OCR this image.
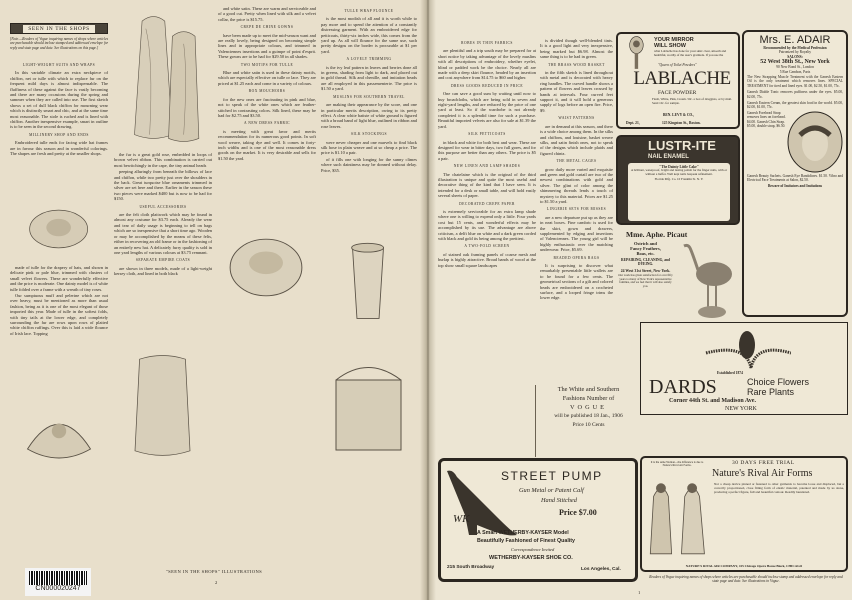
SEEN IN THE SHOPS
[Note.—Readers of Vogue inquiring names of shops where articles are purchasable should inclose stamped and addressed envelope for reply and state page and date. See illustrations on this page.]
LIGHT-WEIGHT SUITS AND WRAPS

In this variable climate an extra neckpiece of chiffon, net or tulle with which to replace fur on the frequent mild days is almost indispensable. The fluffiness of these against the face is vastly becoming and there are many occasions during the spring and summer when they are called into use. The first sketch shows a set of dull black chiffon for mourning wear which is distinctly smart and chic, and at the same time most reasonable. The stole is ruched and is lined with chiffon. Another inexpensive example, smart in outline is to be seen in the second drawing.

MILLINERY SHOP AND ENDS

Embroidered tulle ends for facing wide hat frames are in favour this season and in wonderful colorings. The shapes are fresh and pretty at the smaller shops.

made of tulle for the drapery of hats, and shown in delicate pink or pale blue, trimmed with clusters of small velvet flowers. These are wonderfully effective and the price is moderate. One dainty model is of white tulle folded over a frame with a wreath of tiny roses.

Our sumptuous muff and pelerine which are not over heavy, must be mentioned as more than usual fashion, being as it is one of the most elegant of those imported this year. Made of tulle in the softest folds, with tiny tails at the lower edge, and completely surrounding the fur are rows upon rows of plaited white chiffon ruffings. Over this is laid a wide flounce of Irish lace. Topping

the fur is a great gold rose, embedded in loops of brown velvet ribbon. This combination is carried out most bewitchingly in the cape, the tiny animal heads

peeping alluringly from beneath the billows of lace and chiffon, while two pretty just over the shoulders in the back. Great turquoise blue ornaments trimmed in silver are set here and there. Earlier in the season these two pieces were marked $400 but is now to be had for $150.

USEFUL ACCESSORIES

are the felt cloth plaitwork which may be found in almost any costume for $3.75 each. Already the wear and tear of daily usage is beginning to tell on bags which are so inexpensive that a short time ago. Wooden or may be accomplished by the means of these felts, either in recovering an old frame or in the fashioning of an entirely new hat. A delicately furry quality is sold in one yard lengths of various colours at $3.75 remnant.

SEPARATE EMPIRE COATS

are shown in three models, made of a light-weight kersey cloth, and lined in both black

and white satin. These are warm and serviceable and of a good cut. Pretty when lined with silk and a velvet collar, the price is $15.75.

CREPE DE CHINE GOWNS

have been made up to meet the mid-season want and are really lovely, being designed on becoming simple lines and in appropriate colours, and trimmed in Valenciennes insertions and a guimpe of point d'esprit. These gowns are to be had for $29.50 in all shades.

TWO MOTIFS FOR TULLE

Blue and white satin is used in these dainty motifs, which are especially effective on tulle or lace. They are priced at $1.25 each and come in a variety of colours.

BOX MOUCHOIRS

for the new ones are fascinating in pink and blue, not to speak of the white ones which are feather-stitched in contrasting colors. Silk lined, these may be had for $2.75 and $3.50.

A NEW DRESS FABRIC

is meeting with great favor and merits recommendation for its numerous good points. In soft wool weave, taking dye and well. It comes in forty-inch widths and is one of the most reasonable dress goods on the market. It is very desirable and sells for $1.50 the yard.

TULLE WRAP FLOUNCE

is the most modish of all and it is worth while to pay more and to spend the attention of a constantly distressing garment. With an embroidered edge for petticoats, thirty-six inches wide, this comes from the yard up. As all will flounce for the same use, such pretty designs on the border is procurable at $1 per yard.

A LOVELY TRIMMING

is the ivy leaf pattern in leaves and berries done all in greens, shading from light to dark, and placed out in gold thread. Silk and chenille, and imitation beads are all employed in this passementerie. The price is $1.50 a yard.

MUSLINS FOR SOUTHERN TRAVEL

are making their appearance by the score, and one in particular merits description, owing to its pretty effect. A clear white batiste of white ground is figured with a broad band of light blue, outlined in ribbon and rose leaves.

SILK STOCKINGS

were never cheaper and one marvels to find black silk hose in plain weave and at so cheap a price. The price is $1.10 a pair.

of it fills one with longing for the sunny climes where such daintiness may be donned without delay. Price, $35.

"SEEN IN THE SHOPS" ILLUSTRATIONS
2
CN000020247
ROBES IN THIN FABRICS

are plentiful and a trip south may be prepared for at short notice by taking advantage of the lovely muslins with all descriptions of embroidery, whether eyelet, blind or padded work be the choice. Nearly all are made with a deep skirt flounce, headed by an insertion and cost anywhere from $14.75 to $60 and higher.

DRESS GOODS REDUCED IN PRICE

One can save a good sum by waiting until now to buy broadcloths, which are being sold in seven and eight-yard lengths, and are reduced by the price of one yard at least. So if the wardrobe is not already completed it is a splendid time for such a purchase. Beautiful imported velvets are also for sale at $1.39 the yard.

SILK PETTICOATS

in black and white for both best and wear. These are designed for wear in bitter days, two full gores, and for this purpose are better than any others. The price is $5 a pair.

NEW LINEN AND LAMP SHADES

The chatelaine which is the original of the third illustration is unique and quite the most useful and decorative thing of the kind that I have seen. It is intended for a desk or small table, and will hold easily several sheets of paper.

DECORATED CREPE PAPER

is extremely serviceable for an extra lamp shade where one is willing to expend only a little. Four yards cost but 15 cents, and wonderful effects may be accomplished by its use. The advantage are above criticism, a delft blue on white and a dark green corded with black and gold its being among the prettiest.

A TWO-FOLD SCREEN

of stained oak framing panels of coarse mesh and burlap is highly attractive. Broad bands of wood at the top show small square landscapes

is divided though well-blended tints. It is a good light and very inexpensive, being marked but $6.98. Almost the same thing is to be had in green.

THE BRASS WOOD BASKET

in the fifth sketch is lined throughout with metal and is decorated with heavy ring handles. The curved handle shows a pattern of flowers and leaves crossed by bands at intervals. Four curved feet support it, and it will hold a generous supply of logs before an open fire. Price, $9.

WAIST PATTERNS

are in demand at this season, and there is a wide choice among them. In the silks and chiffons, and louisine, basket weave silks, and satin finish ones, not to speak of the designs which include plaids and figured chintz.

THE METAL CAGES

grow daily more varied and exquisite and green and gold curtail are two of the newest combinations with gold and silver. The glint of color among the shimmering threads lends a touch of mystery to this material. Prices are $1.25 to $1.50 a yard.

LINGERIE SETS FOR MISSES

are a new departure put up as they are in neat boxes. Fine cambric is used for the skirt, gown and drawers, supplemented by edging and insertions of Valenciennes. The young girl will be highly enthusiastic over the matching underwear. Price, $5.69.

BEADED OPERA BAGS

It is surprising to discover what remarkably presentable little wallets are to be found for a few cents. The geometrical sections of a gilt and colored beads are embroidered on a crocheted surface, and a looped fringe trims the lower edge.

The White and Southern
Fashions Number of
VOGUE
will be published 18 Jan., 1906
Price 10 Cents
STREET PUMP
Gun Metal or Patent Calf
Hand Stitched
Price $7.00
WK
A Smart WETHERBY-KAYSER Model
Beautifully Fashioned of Finest Quality
Correspondence Invited
WETHERBY-KAYSER SHOE CO.
215 South Broadway	Los Angeles, Cal.
YOUR MIRROR
WILL SHOW
what Lablache has done for your skin: clear, smooth and healthful, worthy of the user's gratitude. If you use the
"Queen of Toilet Powders"
LABLACHE
FACE POWDER
Flesh, White, Pink, Cream. 50c. a box of druggists, or by mail. Send 10c. for sample.
BEN. LEVY & CO.,
Dept. 21,	125 Kingston St., Boston.
LUSTR-ITE
NAIL ENAMEL
"The Dainty Little Cake"
A brilliant, waterproof, bright and lasting polish for the finger nails, with or without a buffer. Well kept nails bespeak refinement.
Florida Mfg. Co. 10 Franklin St. N. Y.
Mme. Aphe. Picaut
Ostrich and
Fancy Feathers,
Boas, etc.
REPAIRING, CLEANING, and DYEING.
24 West 31st Street, New York.
Our work has given satisfaction for over fifty years to many of New York's representative families, and we feel that it will also satisfy you.
Mrs. E. ADAIR
Recommended by the Medical Profession
Patronized by Royalty
SALONS:
52 West 38th St., New York
90 New Bond St., London
5 Rue Cambon, Paris
The New Strapping Muscle Treatment with the Ganesh Eastern Oil is the only treatment which removes lines. SPECIAL TREATMENT for tired and lined eyes. $1.00, $2.50, $1.00, 75c.
Ganesh Diable Tonic removes puffiness under the eyes. $5.00, $2.00, 75c.
Ganesh Eastern Cream, the greatest skin food in the world. $5.00, $2.00, $1.00, 75c.
Ganesh Forehead Strap removes lines on forehead. $4.00. Ganesh Chin Strap. $5.00, double strap, $6.50.
Ganesh Beauty Sachets. Ganesh Eye Bandolines. $1.50. Vibro and Electrical Face Treatments at Salon, $2.50.
Beware of Imitators and Imitations
Established 1874
DARDS	Choice Flowers
Rare Plants
Corner 44th St. and Madison Ave.
NEW YORK
It is the same Woman—the difference is due to Nature's Rival Air Forms.	30 DAYS FREE TRIAL
Nature's Rival Air Forms
Not a cheap device pinned or fastened to other garments to become loose and displaced, but a correctly proportioned, close fitting form of elastic material, patented and made by us alone, producing a perfect figure, full and beautiful contour. Readily laundered.
NATURE'S RIVAL AIR COMPANY, 415 Chicago Opera House Block, CHICAGO
Readers of Vogue inquiring names of shops where articles are purchasable should inclose stamp and addressed envelope for reply and state page and date. See illustrations in Vogue.
1
